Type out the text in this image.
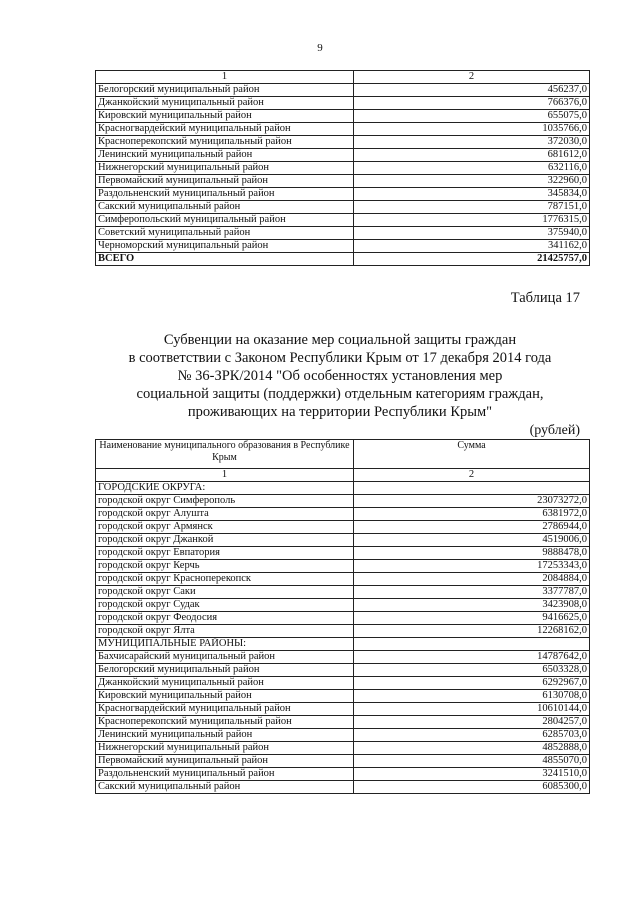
9
1	2
Белогорский муниципальный район	456237,0
Джанкойский муниципальный район	766376,0
Кировский муниципальный район	655075,0
Красногвардейский муниципальный район	1035766,0
Красноперекопский муниципальный район	372030,0
Ленинский муниципальный район	681612,0
Нижнегорский муниципальный район	632116,0
Первомайский муниципальный район	322960,0
Раздольненский муниципальный район	345834,0
Сакский муниципальный район	787151,0
Симферопольский муниципальный район	1776315,0
Советский муниципальный район	375940,0
Черноморский муниципальный район	341162,0
ВСЕГО	21425757,0
Таблица 17
Субвенции на оказание мер социальной защиты граждан
в соответствии с Законом Республики Крым от 17 декабря 2014 года
№ 36-ЗРК/2014 "Об особенностях установления мер
социальной защиты (поддержки) отдельным категориям граждан,
проживающих на территории Республики Крым"
(рублей)
Наименование муниципального образования в Республике Крым	Сумма
1	2
ГОРОДСКИЕ ОКРУГА:	
городской округ Симферополь	23073272,0
городской округ Алушта	6381972,0
городской округ Армянск	2786944,0
городской округ Джанкой	4519006,0
городской округ Евпатория	9888478,0
городской округ Керчь	17253343,0
городской округ Красноперекопск	2084884,0
городской округ Саки	3377787,0
городской округ Судак	3423908,0
городской округ Феодосия	9416625,0
городской округ Ялта	12268162,0
МУНИЦИПАЛЬНЫЕ РАЙОНЫ:	
Бахчисарайский муниципальный район	14787642,0
Белогорский муниципальный район	6503328,0
Джанкойский муниципальный район	6292967,0
Кировский муниципальный район	6130708,0
Красногвардейский муниципальный район	10610144,0
Красноперекопский муниципальный район	2804257,0
Ленинский муниципальный район	6285703,0
Нижнегорский муниципальный район	4852888,0
Первомайский муниципальный район	4855070,0
Раздольненский муниципальный район	3241510,0
Сакский муниципальный район	6085300,0
